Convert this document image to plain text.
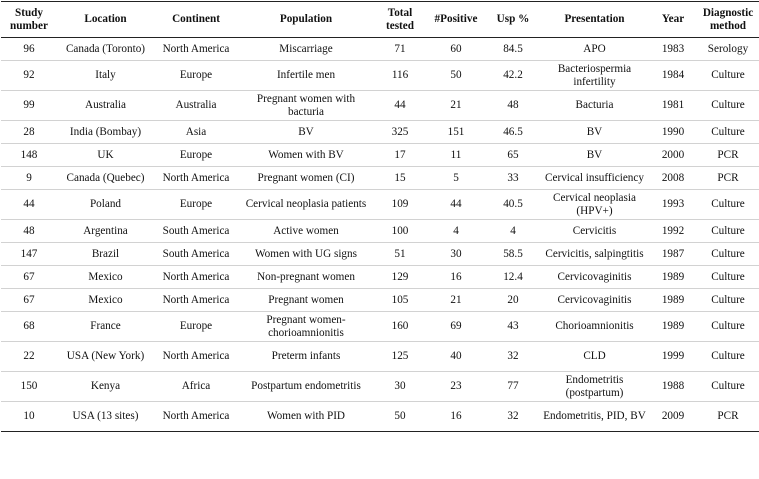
Study number	Location	Continent	Population	Total tested	#Positive	Usp %	Presentation	Year	Diagnostic method
96	Canada (Toronto)	North America	Miscarriage	71	60	84.5	APO	1983	Serology
92	Italy	Europe	Infertile men	116	50	42.2	Bacteriospermia infertility	1984	Culture
99	Australia	Australia	Pregnant women with bacturia	44	21	48	Bacturia	1981	Culture
28	India (Bombay)	Asia	BV	325	151	46.5	BV	1990	Culture
148	UK	Europe	Women with BV	17	11	65	BV	2000	PCR
9	Canada (Quebec)	North America	Pregnant women (CI)	15	5	33	Cervical insufficiency	2008	PCR
44	Poland	Europe	Cervical neoplasia patients	109	44	40.5	Cervical neoplasia (HPV+)	1993	Culture
48	Argentina	South America	Active women	100	4	4	Cervicitis	1992	Culture
147	Brazil	South America	Women with UG signs	51	30	58.5	Cervicitis, salpingtitis	1987	Culture
67	Mexico	North America	Non-pregnant women	129	16	12.4	Cervicovaginitis	1989	Culture
67	Mexico	North America	Pregnant women	105	21	20	Cervicovaginitis	1989	Culture
68	France	Europe	Pregnant women-chorioamnionitis	160	69	43	Chorioamnionitis	1989	Culture
22	USA (New York)	North America	Preterm infants	125	40	32	CLD	1999	Culture
150	Kenya	Africa	Postpartum endometritis	30	23	77	Endometritis (postpartum)	1988	Culture
10	USA (13 sites)	North America	Women with PID	50	16	32	Endometritis, PID, BV	2009	PCR
